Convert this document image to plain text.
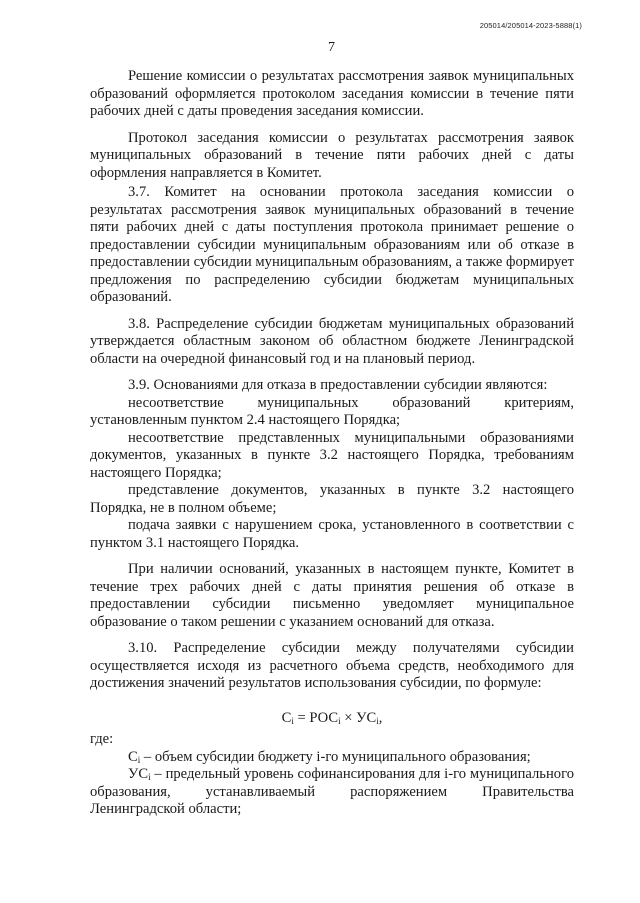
205014/205014-2023-5888(1)
7

Решение комиссии о результатах рассмотрения заявок муниципальных образований оформляется протоколом заседания комиссии в течение пяти рабочих дней с даты проведения заседания комиссии.

Протокол заседания комиссии о результатах рассмотрения заявок муниципальных образований в течение пяти рабочих дней с даты оформления направляется в Комитет.

3.7. Комитет на основании протокола заседания комиссии о результатах рассмотрения заявок муниципальных образований в течение пяти рабочих дней с даты поступления протокола принимает решение о предоставлении субсидии муниципальным образованиям или об отказе в предоставлении субсидии муниципальным образованиям, а также формирует предложения по распределению субсидии бюджетам муниципальных образований.

3.8. Распределение субсидии бюджетам муниципальных образований утверждается областным законом об областном бюджете Ленинградской области на очередной финансовый год и на плановый период.

3.9. Основаниями для отказа в предоставлении субсидии являются:

несоответствие муниципальных образований критериям, установленным пунктом 2.4 настоящего Порядка;

несоответствие представленных муниципальными образованиями документов, указанных в пункте 3.2 настоящего Порядка, требованиям настоящего Порядка;

представление документов, указанных в пункте 3.2 настоящего Порядка, не в полном объеме;

подача заявки с нарушением срока, установленного в соответствии с пунктом 3.1 настоящего Порядка.

При наличии оснований, указанных в настоящем пункте, Комитет в течение трех рабочих дней с даты принятия решения об отказе в предоставлении субсидии письменно уведомляет муниципальное образование о таком решении с указанием оснований для отказа.

3.10. Распределение субсидии между получателями субсидии осуществляется исходя из расчетного объема средств, необходимого для достижения значений результатов использования субсидии, по формуле:

$С_i = РОС_i \times УС_i$,

где:

$С_i$ – объем субсидии бюджету i-го муниципального образования;

$УС_i$ – предельный уровень софинансирования для i-го муниципального образования, устанавливаемый распоряжением Правительства Ленинградской области;
